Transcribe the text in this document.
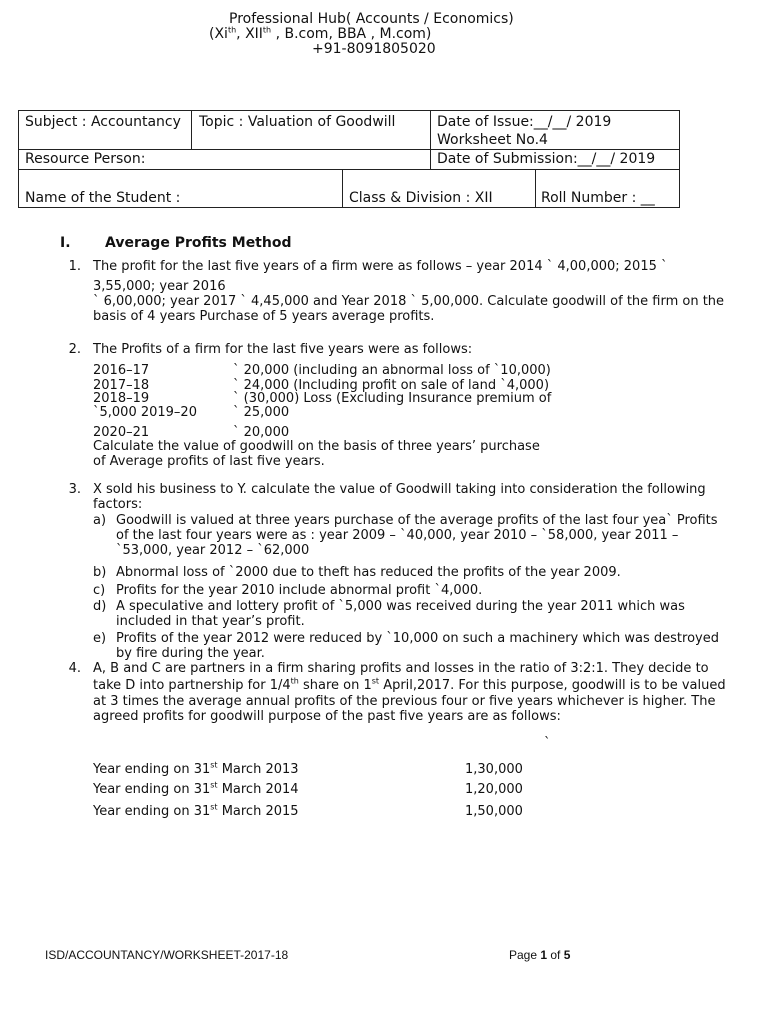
Professional Hub( Accounts / Economics)
($Xi^{th}$, XIIth , B.com, BBA , M.com)
+91-8091805020
Subject : Accountancy Topic : Valuation of Goodwill	Date of Issue:__/__/ 2019
Worksheet No.4
Resource Person:	Date of Submission:__/__/ 2019
Name of the Student :	Class & Division : XII	Roll Number : __
I. Average Profits Method
1. The profit for the last five years of a firm were as follows – year 2014 ` 4,00,000; 2015 `
3,55,000; year 2016
` 6,00,000; year 2017 ` 4,45,000 and Year 2018 ` 5,00,000. Calculate goodwill of the firm on the basis of 4 years Purchase of 5 years average profits.
2. The Profits of a firm for the last five years were as follows:
2016–17	` 20,000 (including an abnormal loss of `10,000)
2017–18	` 24,000 (Including profit on sale of land `4,000)
2018–19	` (30,000) Loss (Excluding Insurance premium of
`5,000 2019–20	` 25,000
2020–21	` 20,000
Calculate the value of goodwill on the basis of three years’ purchase
of Average profits of last five years.
3. X sold his business to Y. calculate the value of Goodwill taking into consideration the following factors:
a) Goodwill is valued at three years purchase of the average profits of the last four yea` Profits of the last four years were as : year 2009 – `40,000, year 2010 – `58,000, year 2011 – `53,000, year 2012 – `62,000
b) Abnormal loss of `2000 due to theft has reduced the profits of the year 2009.
c) Profits for the year 2010 include abnormal profit `4,000.
d) A speculative and lottery profit of `5,000 was received during the year 2011 which was included in that year’s profit.
e) Profits of the year 2012 were reduced by `10,000 on such a machinery which was destroyed by fire during the year.
4. A, B and C are partners in a firm sharing profits and losses in the ratio of 3:2:1. They decide to
take D into partnership for 1/4th share on 1st April,2017. For this purpose, goodwill is to be valued
at 3 times the average annual profits of the previous four or five years whichever is higher. The
agreed profits for goodwill purpose of the past five years are as follows:
`
Year ending on 31st March 2013	1,30,000
Year ending on 31st March 2014	1,20,000
Year ending on 31st March 2015	1,50,000
ISD/ACCOUNTANCY/WORKSHEET-2017-18	Page 1 of 5
